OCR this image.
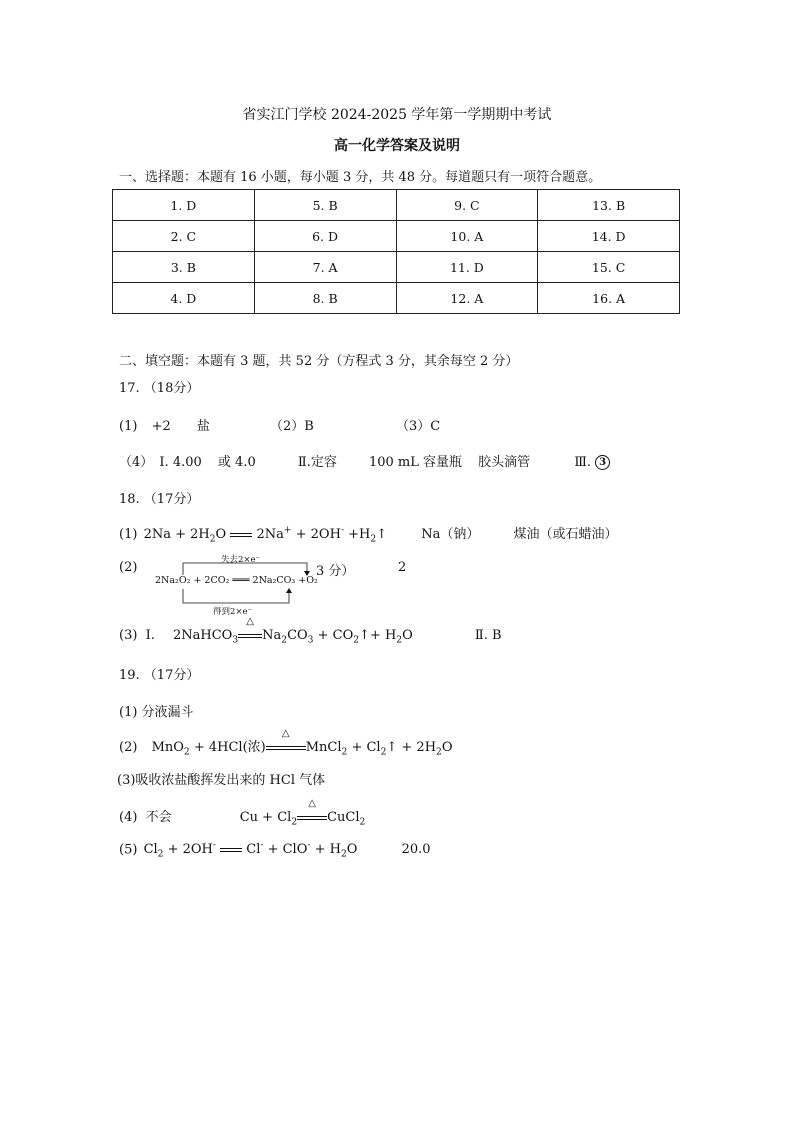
省实江门学校 2024-2025 学年第一学期期中考试
高一化学答案及说明
一、选择题：本题有 16 小题，每小题 3 分，共 48 分。每道题只有一项符合题意。
1. D	5. B	9. C	13. B
2. C	6. D	10. A	14. D
3. B	7. A	11. D	15. C
4. D	8. B	12. A	16. A
二、填空题：本题有 3 题，共 52 分（方程式 3 分，其余每空 2 分）
17. （18分）
(1) +2 盐	（2）B	（3）C
（4） Ⅰ. 4.00 或 4.0	Ⅱ.定容 100 mL 容量瓶 胶头滴管	Ⅲ. 3
18. （17分）
(1) $2Na + 2H_2O$  $2Na^+ + 2OH^- +H_2↑$ Na（钠）	煤油（或石蜡油）
(2)	失去2×e⁻
2Na₂O₂ + 2CO₂ ═══ 2Na₂CO₃ +O₂
得到2×e⁻
3 分）	2
(3) Ⅰ. 2NaHCO$_3$
△
$Na_2CO_3$ + $CO_2↑+ H_2O$	Ⅱ. B
19. （17分）
(1) 分液漏斗
(2) MnO$_2$ + 4HCl(浓)
△
MnCl$_2$ + $Cl_2↑ + 2H_2O$
(3)吸收浓盐酸挥发出来的 HCl 气体
(4) 不会	$Cu + Cl_2$
△
CuCl$_2$
(5) $Cl_2 + 2OH^-$  $Cl^- + ClO^- + H_2O$	20.0
